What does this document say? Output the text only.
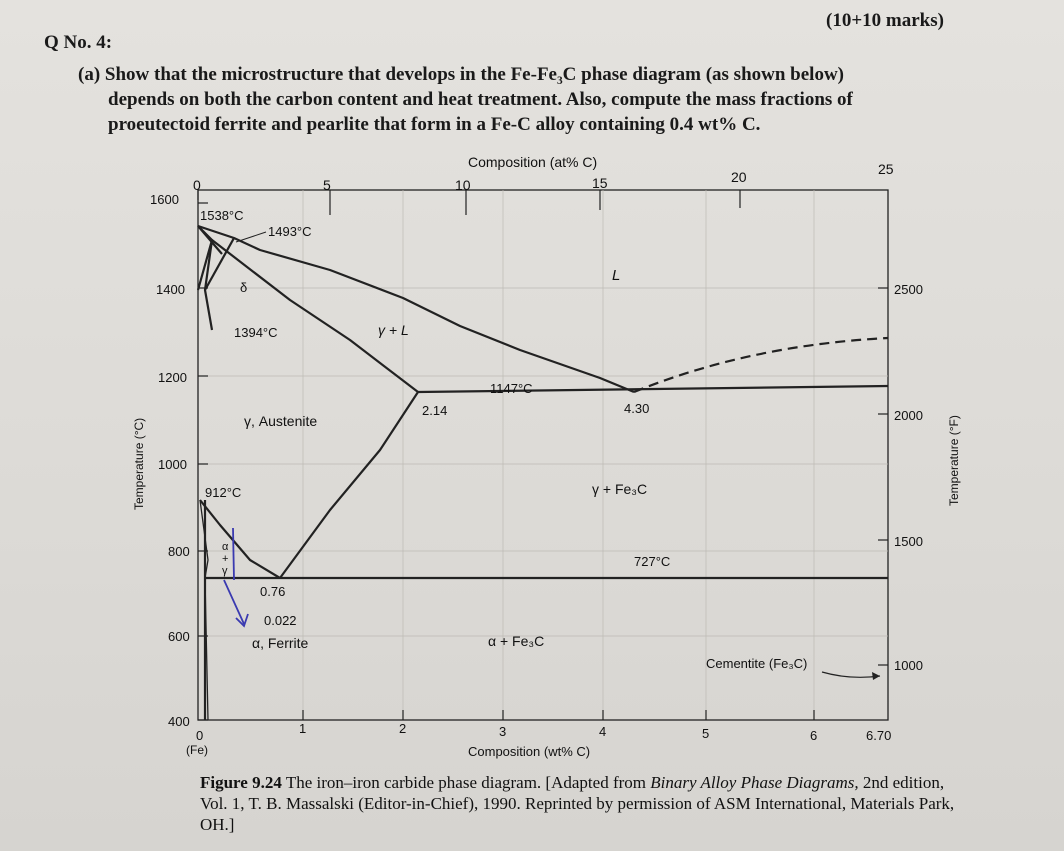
Q No. 4:
(10+10 marks)
(a) Show that the microstructure that develops in the Fe-Fe₃C phase diagram (as shown below)
depends on both the carbon content and heat treatment. Also, compute the mass fractions of
proeutectoid ferrite and pearlite that form in a Fe-C alloy containing 0.4 wt% C.
Composition (at% C)
0	5	10	15	20	25
0	1	2	3	4	5	6	6.70
(Fe)	Composition (wt% C)
1600
1400
1200
1000
800
600
400
Temperature (°C)
2500
2000
1500
1000
Temperature (°F)
1538°C
1493°C
δ
1394°C	γ + L
L
1147°C
2.14	4.30
γ, Austenite
912°C	γ + Fe₃C
α
+
γ
727°C
0.76
0.022
α, Ferrite	α + Fe₃C
Cementite (Fe₃C)
Figure 9.24 The iron–iron carbide phase diagram. [Adapted from Binary Alloy Phase Diagrams, 2nd edition, Vol. 1, T. B. Massalski (Editor-in-Chief), 1990. Reprinted by permission of ASM International, Materials Park, OH.]
